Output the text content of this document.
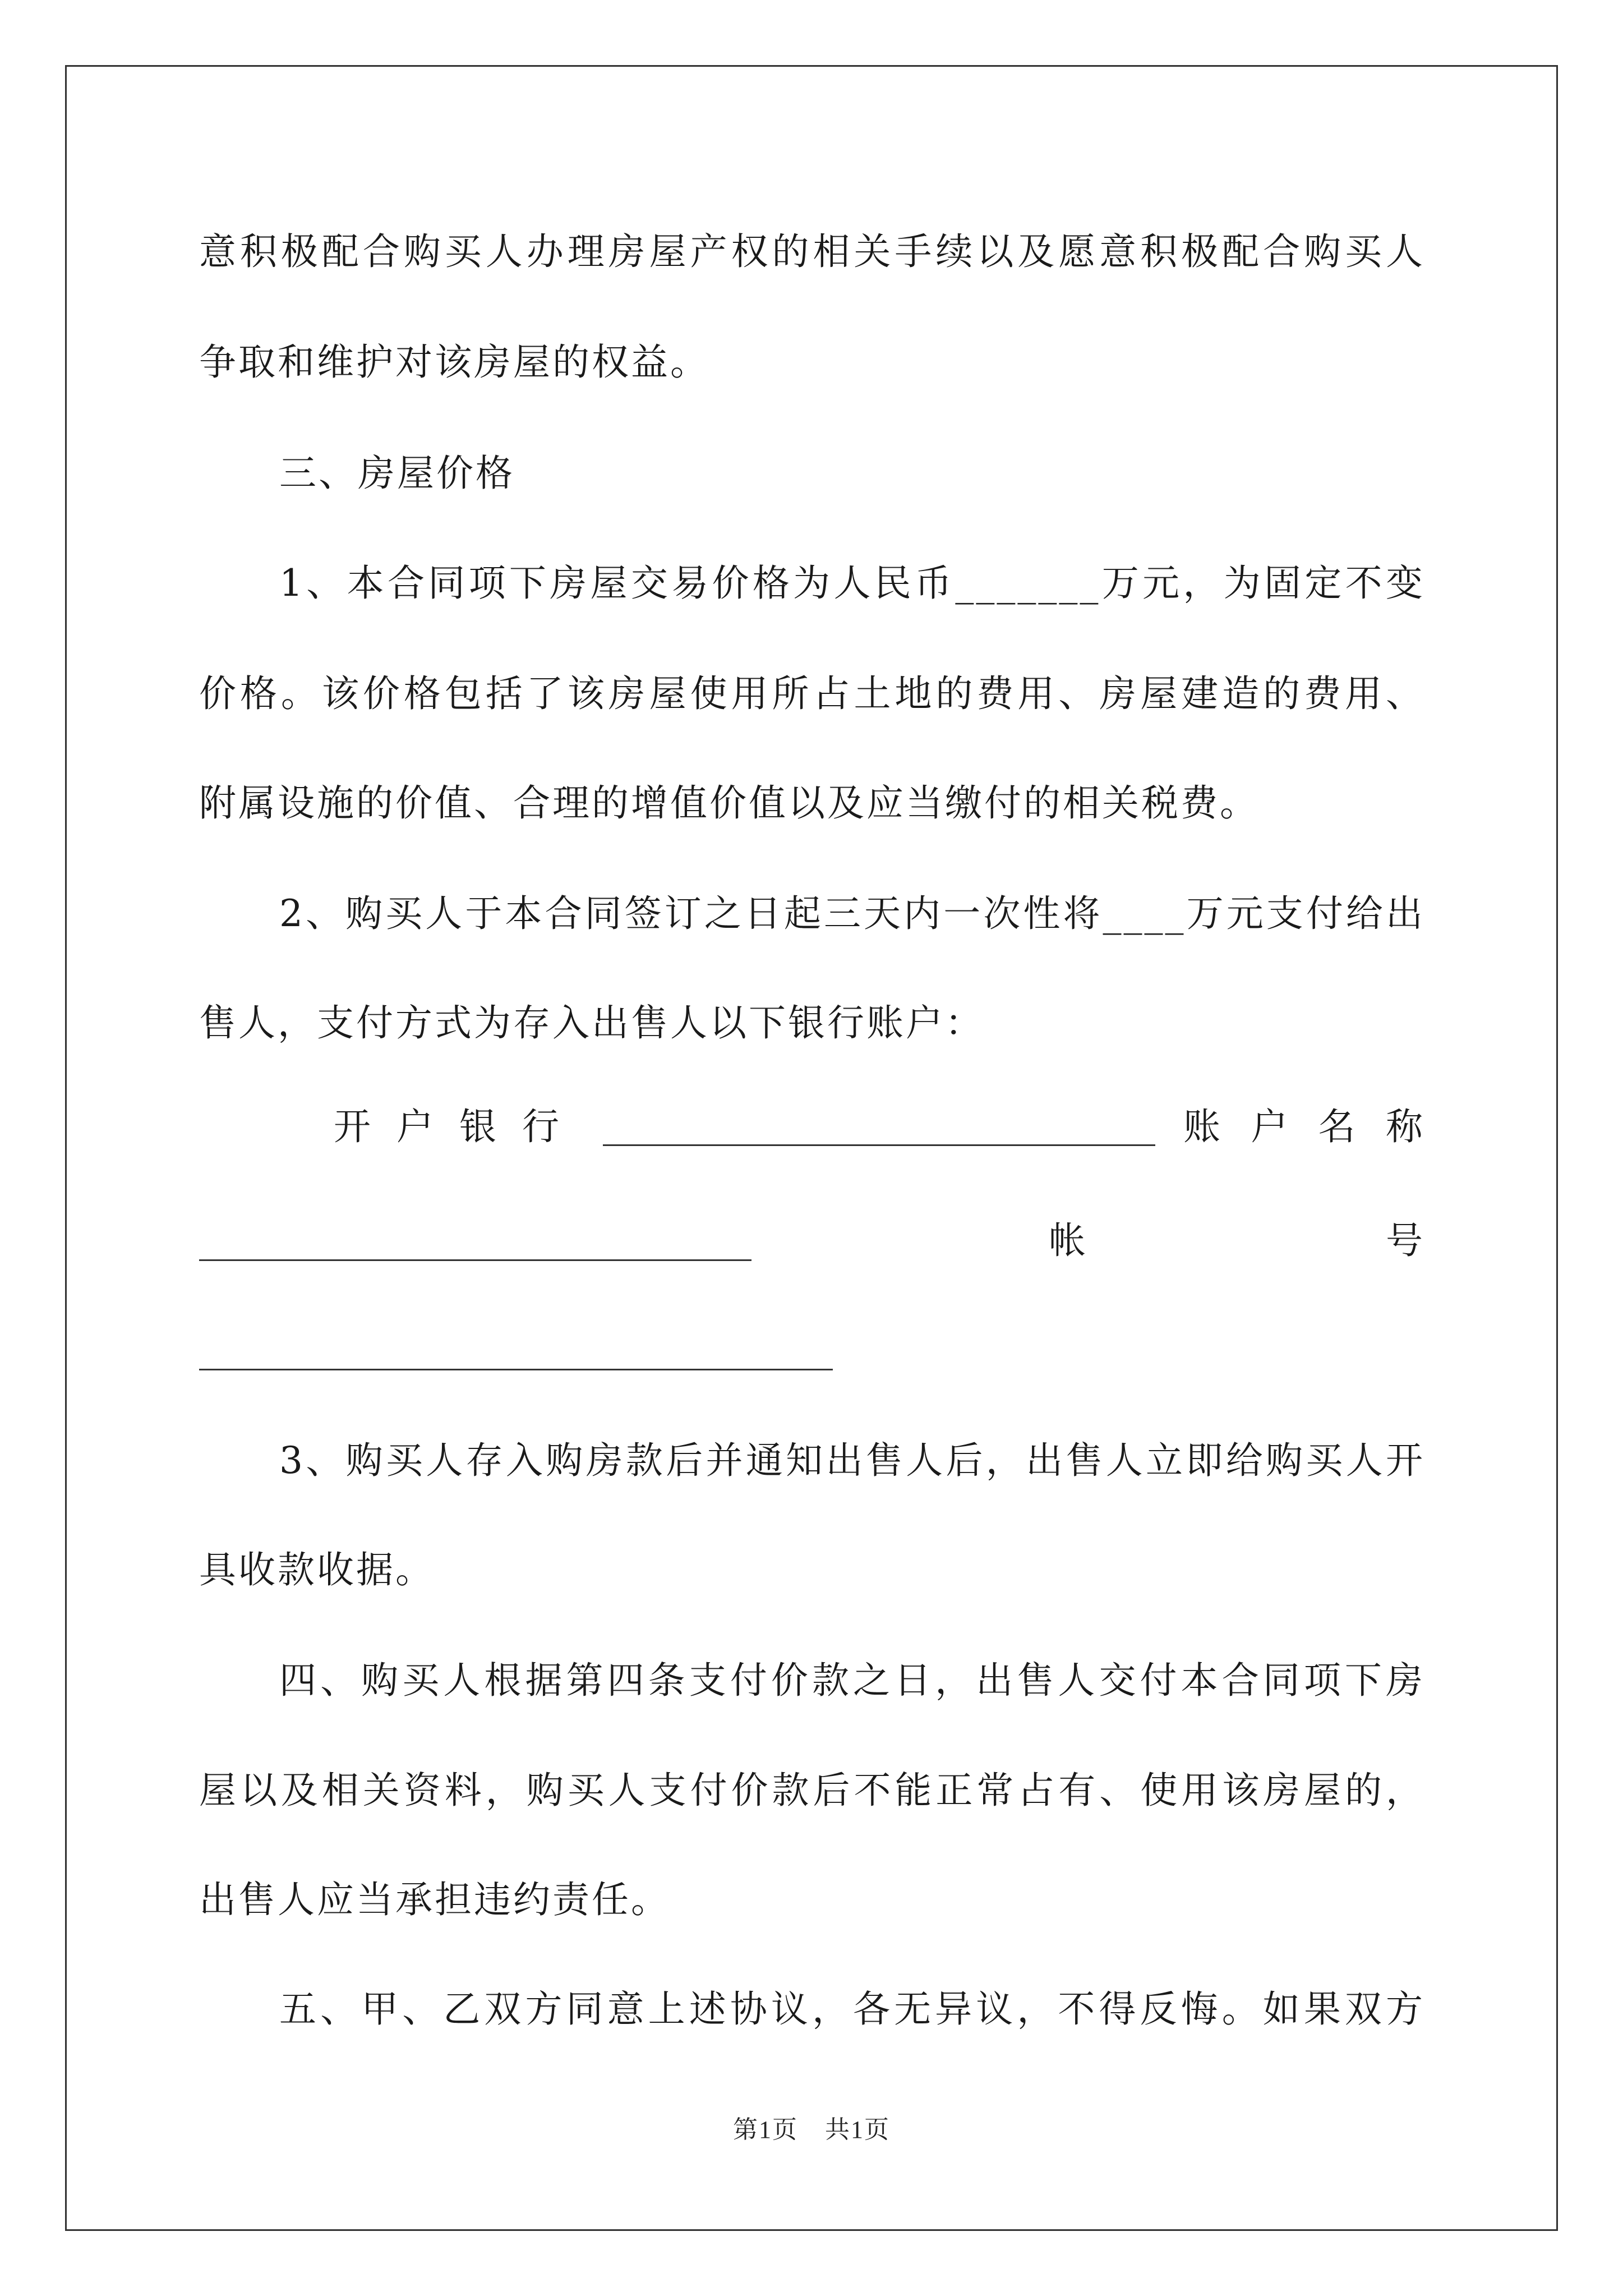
意积极配合购买人办理房屋产权的相关手续以及愿意积极配合购买人
争取和维护对该房屋的权益。
三、房屋价格
1、本合同项下房屋交易价格为人民币_______万元，为固定不变
价格。该价格包括了该房屋使用所占土地的费用、房屋建造的费用、
附属设施的价值、合理的增值价值以及应当缴付的相关税费。
2、购买人于本合同签订之日起三天内一次性将____万元支付给出
售人，支付方式为存入出售人以下银行账户：
开户银行	账户名称
帐号
3、购买人存入购房款后并通知出售人后，出售人立即给购买人开
具收款收据。
四、购买人根据第四条支付价款之日，出售人交付本合同项下房
屋以及相关资料，购买人支付价款后不能正常占有、使用该房屋的，
出售人应当承担违约责任。
五、甲、乙双方同意上述协议，各无异议，不得反悔。如果双方
第1页 共1页
